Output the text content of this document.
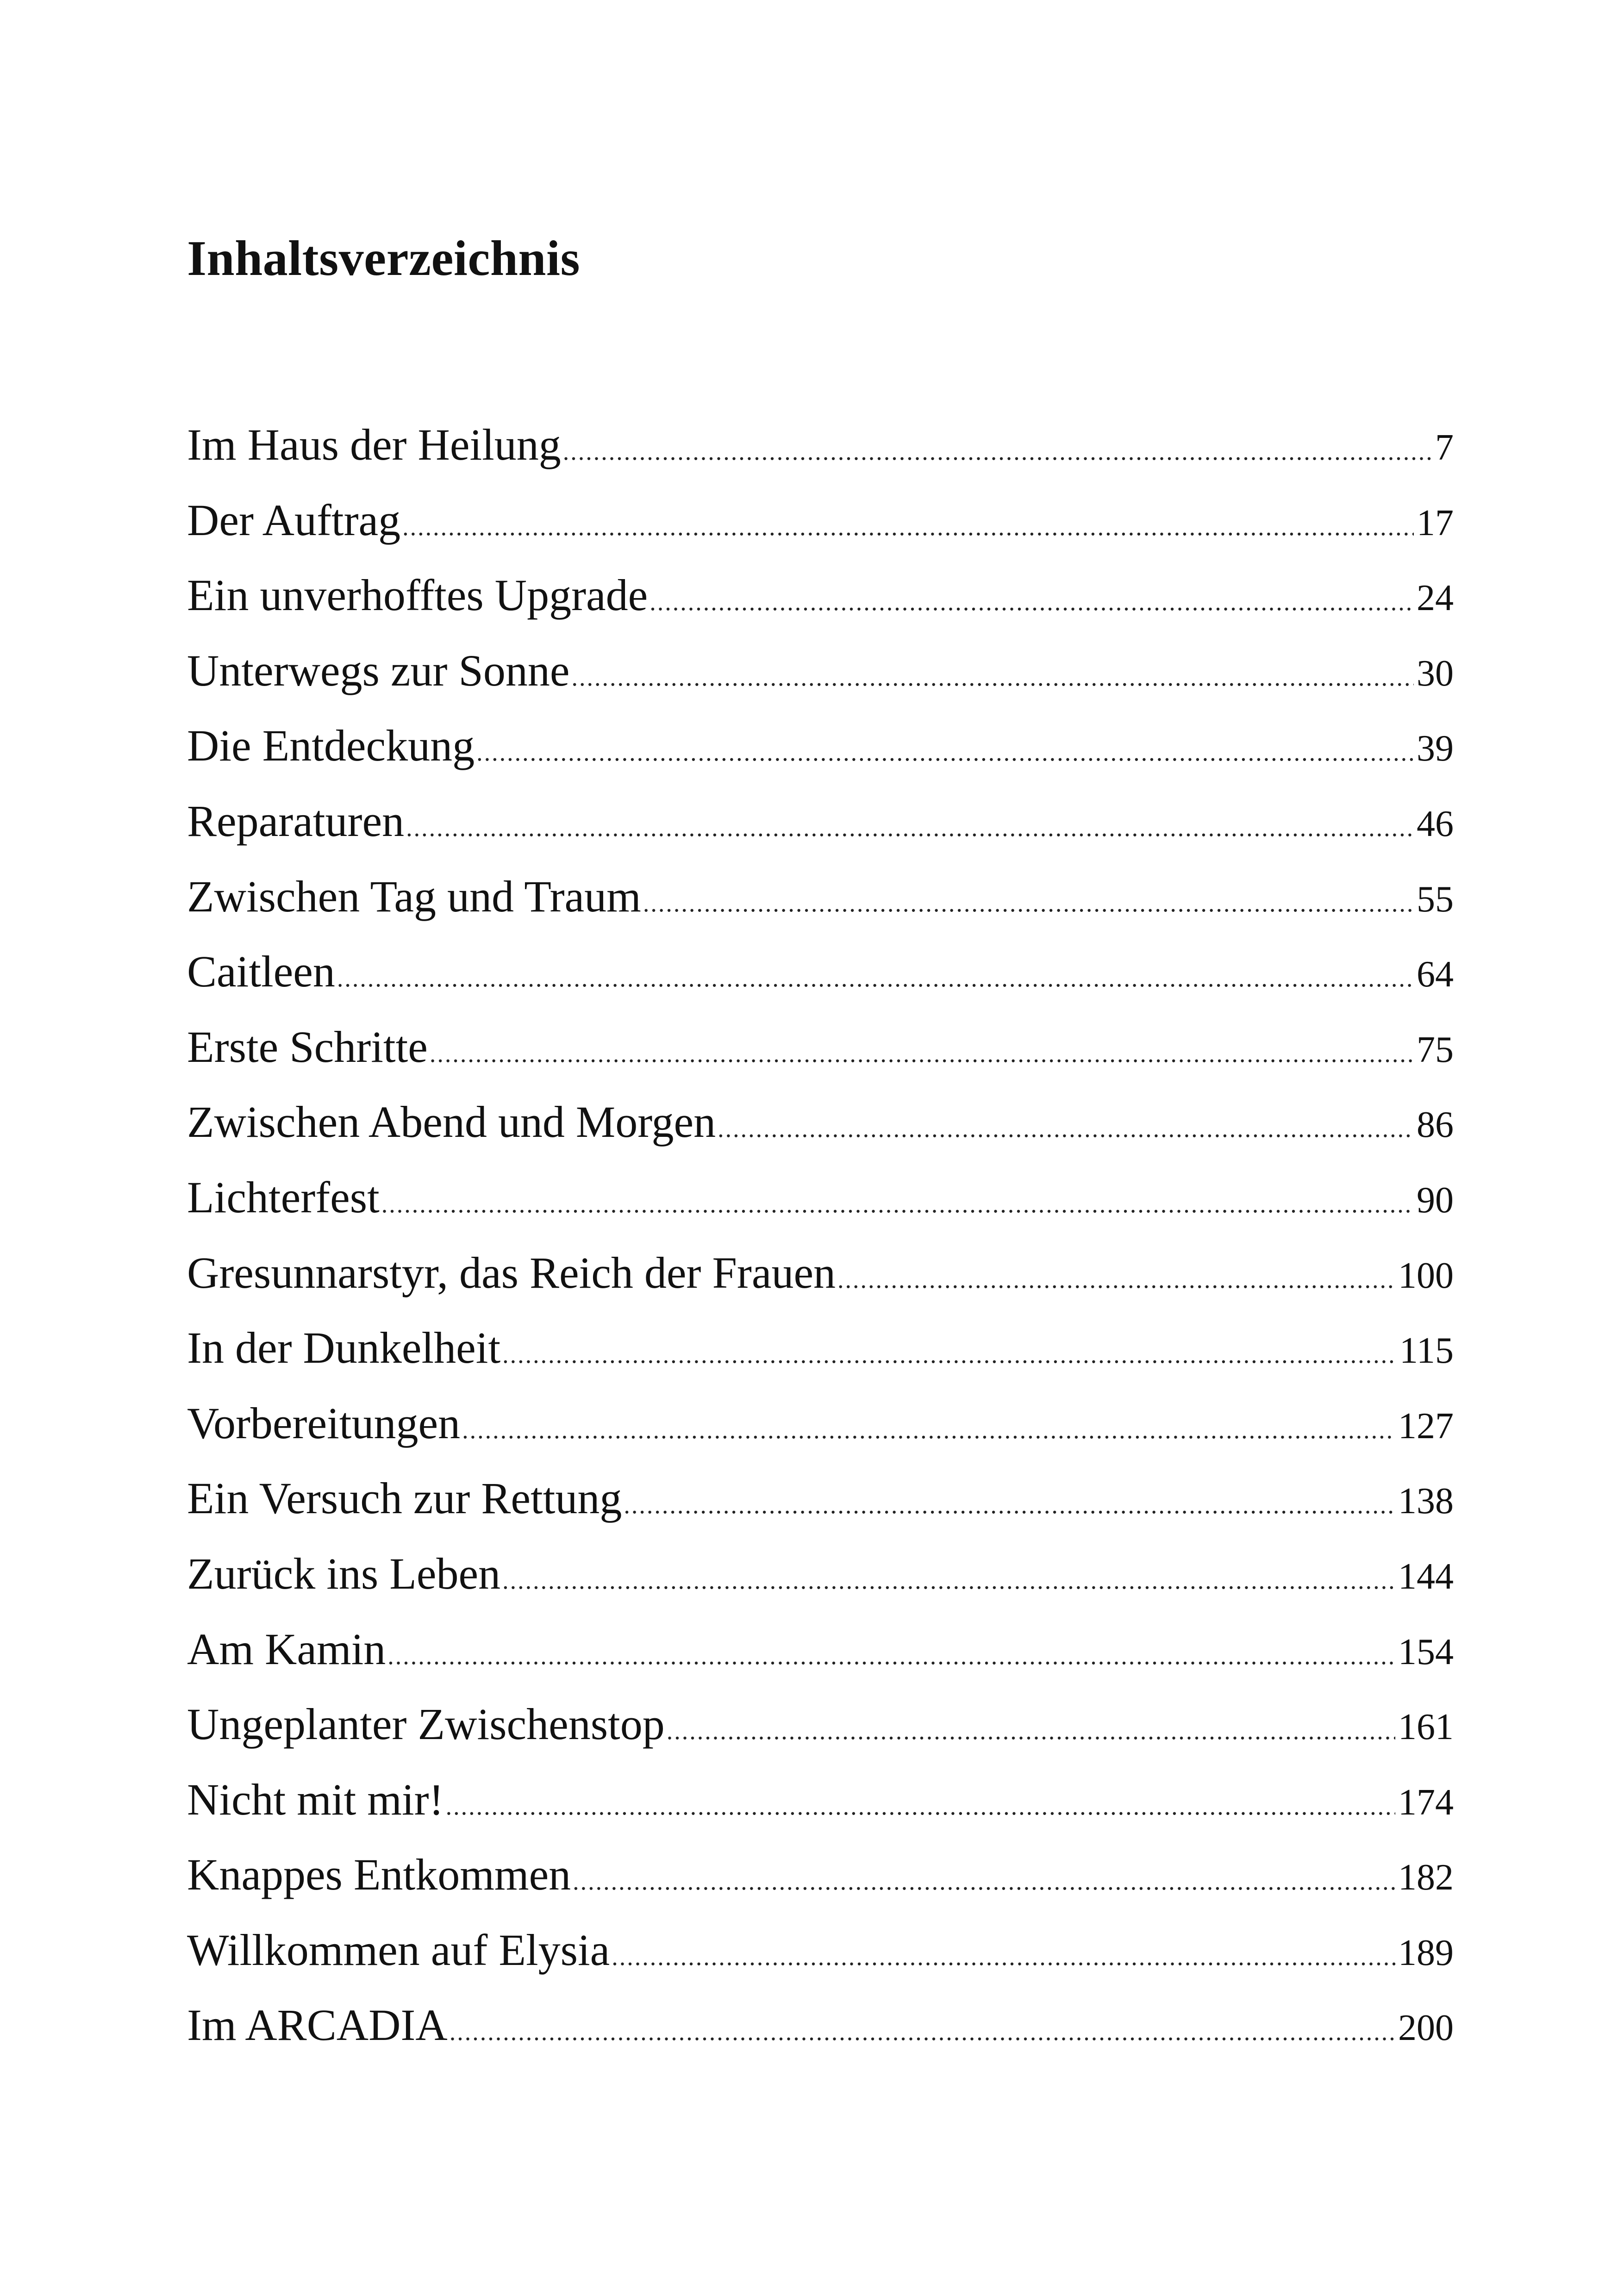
Inhaltsverzeichnis
Im Haus der Heilung .....	7
Der Auftrag .....	17
Ein unverhofftes Upgrade .....	24
Unterwegs zur Sonne .....	30
Die Entdeckung .....	39
Reparaturen .....	46
Zwischen Tag und Traum .....	55
Caitleen .....	64
Erste Schritte .....	75
Zwischen Abend und Morgen .....	86
Lichterfest .....	90
Gresunnarstyr, das Reich der Frauen .....	100
In der Dunkelheit .....	115
Vorbereitungen .....	127
Ein Versuch zur Rettung .....	138
Zurück ins Leben .....	144
Am Kamin .....	154
Ungeplanter Zwischenstop .....	161
Nicht mit mir! .....	174
Knappes Entkommen .....	182
Willkommen auf Elysia .....	189
Im ARCADIA .....	200
